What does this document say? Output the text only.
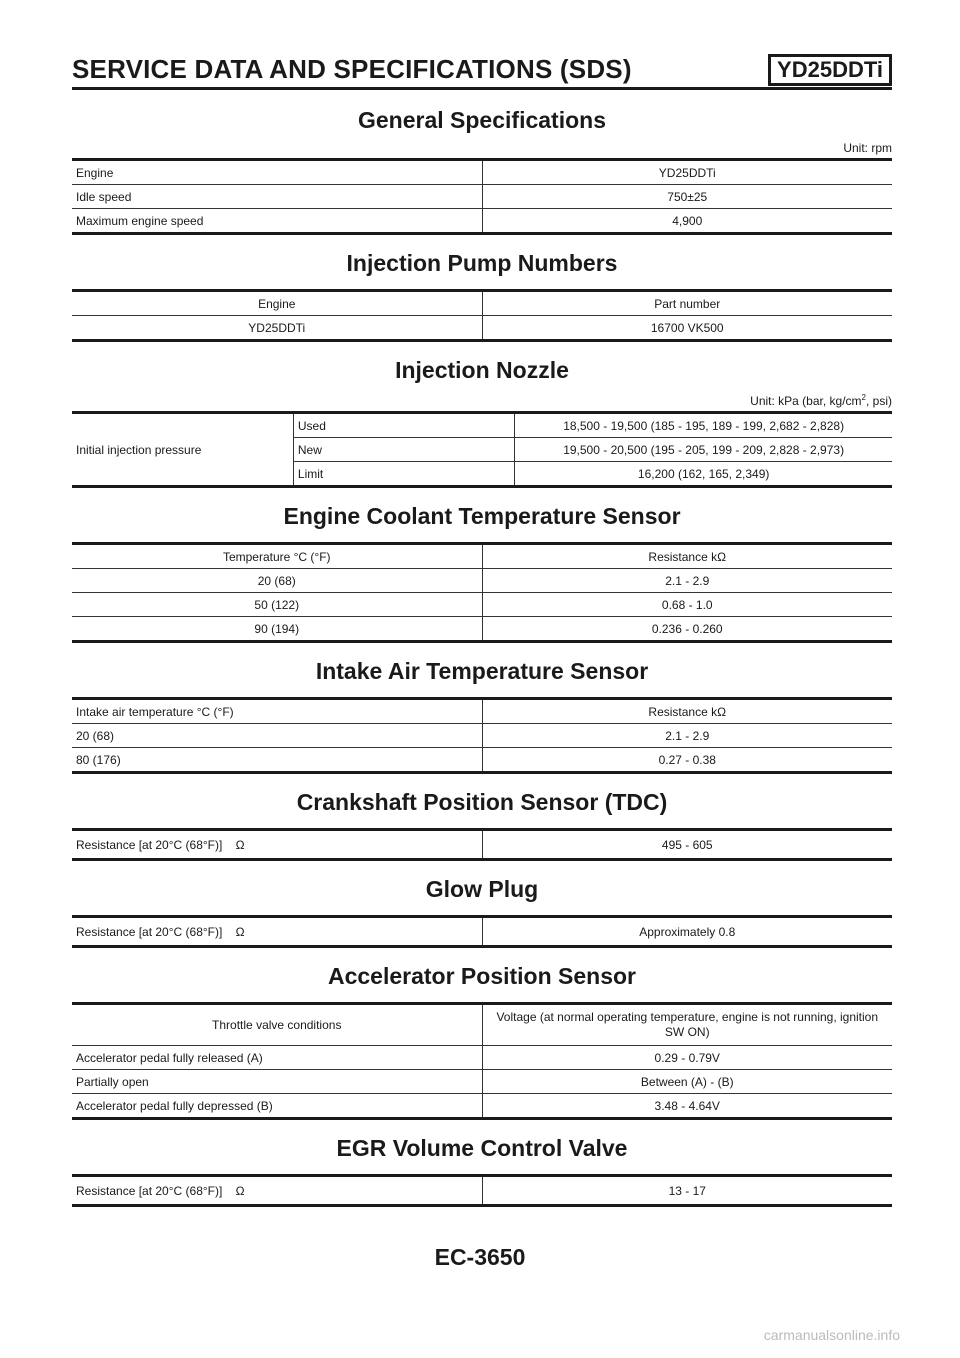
SERVICE DATA AND SPECIFICATIONS (SDS)	YD25DDTi
General Specifications
Unit: rpm
Engine	YD25DDTi
Idle speed	750±25
Maximum engine speed	4,900
Injection Pump Numbers
Engine	Part number
YD25DDTi	16700 VK500
Injection Nozzle
Unit: kPa (bar, $kg/cm^2$, psi)
Initial injection pressure	Used	18,500 - 19,500 (185 - 195, 189 - 199, 2,682 - 2,828)
	New	19,500 - 20,500 (195 - 205, 199 - 209, 2,828 - 2,973)
	Limit	16,200 (162, 165, 2,349)
Engine Coolant Temperature Sensor
Temperature °C (°F)	Resistance kΩ
20 (68)	2.1 - 2.9
50 (122)	0.68 - 1.0
90 (194)	0.236 - 0.260
Intake Air Temperature Sensor
Intake air temperature °C (°F)	Resistance kΩ
20 (68)	2.1 - 2.9
80 (176)	0.27 - 0.38
Crankshaft Position Sensor (TDC)
Resistance [at 20°C (68°F)]    Ω	495 - 605
Glow Plug
Resistance [at 20°C (68°F)]    Ω	Approximately 0.8
Accelerator Position Sensor
Throttle valve conditions	Voltage (at normal operating temperature, engine is not running, ignition SW ON)
Accelerator pedal fully released (A)	0.29 - 0.79V
Partially open	Between (A) - (B)
Accelerator pedal fully depressed (B)	3.48 - 4.64V
EGR Volume Control Valve
Resistance [at 20°C (68°F)]    Ω	13 - 17
EC-3650
carmanualsonline.info
